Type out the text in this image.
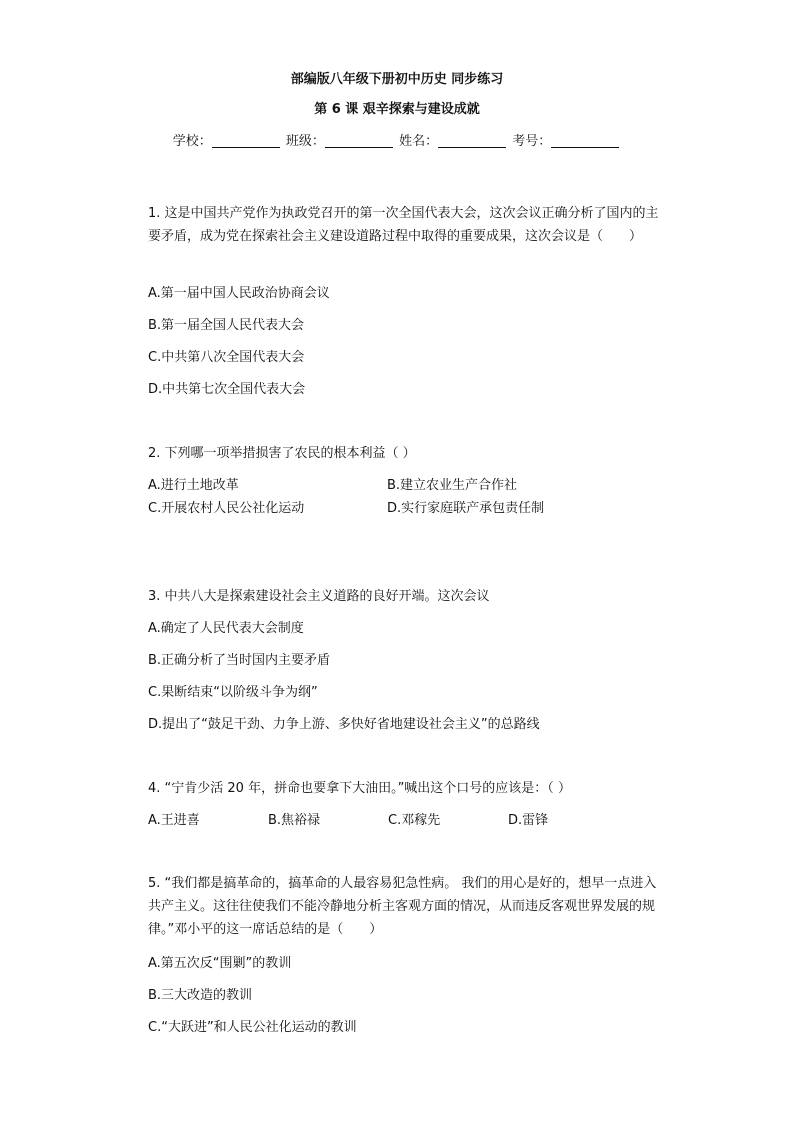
部编版八年级下册初中历史 同步练习
第 6 课 艰辛探索与建设成就
学校：	班级：	姓名：	考号：
1. 这是中国共产党作为执政党召开的第一次全国代表大会，这次会议正确分析了国内的主要矛盾，成为党在探索社会主义建设道路过程中取得的重要成果，这次会议是（　　）
A.第一届中国人民政治协商会议
B.第一届全国人民代表大会
C.中共第八次全国代表大会
D.中共第七次全国代表大会
2. 下列哪一项举措损害了农民的根本利益（ ）
A.进行土地改革	B.建立农业生产合作社
C.开展农村人民公社化运动	D.实行家庭联产承包责任制
3. 中共八大是探索建设社会主义道路的良好开端。这次会议
A.确定了人民代表大会制度
B.正确分析了当时国内主要矛盾
C.果断结束“以阶级斗争为纲”
D.提出了“鼓足干劲、力争上游、多快好省地建设社会主义”的总路线
4. “宁肯少活 20 年，拼命也要拿下大油田。”喊出这个口号的应该是：（ ）
A.王进喜	B.焦裕禄	C.邓稼先	D.雷锋
5. “我们都是搞革命的，搞革命的人最容易犯急性病。 我们的用心是好的，想早一点进入共产主义。这往往使我们不能冷静地分析主客观方面的情况，从而违反客观世界发展的规律。”邓小平的这一席话总结的是（　　）
A.第五次反“围剿”的教训
B.三大改造的教训
C.“大跃进”和人民公社化运动的教训
